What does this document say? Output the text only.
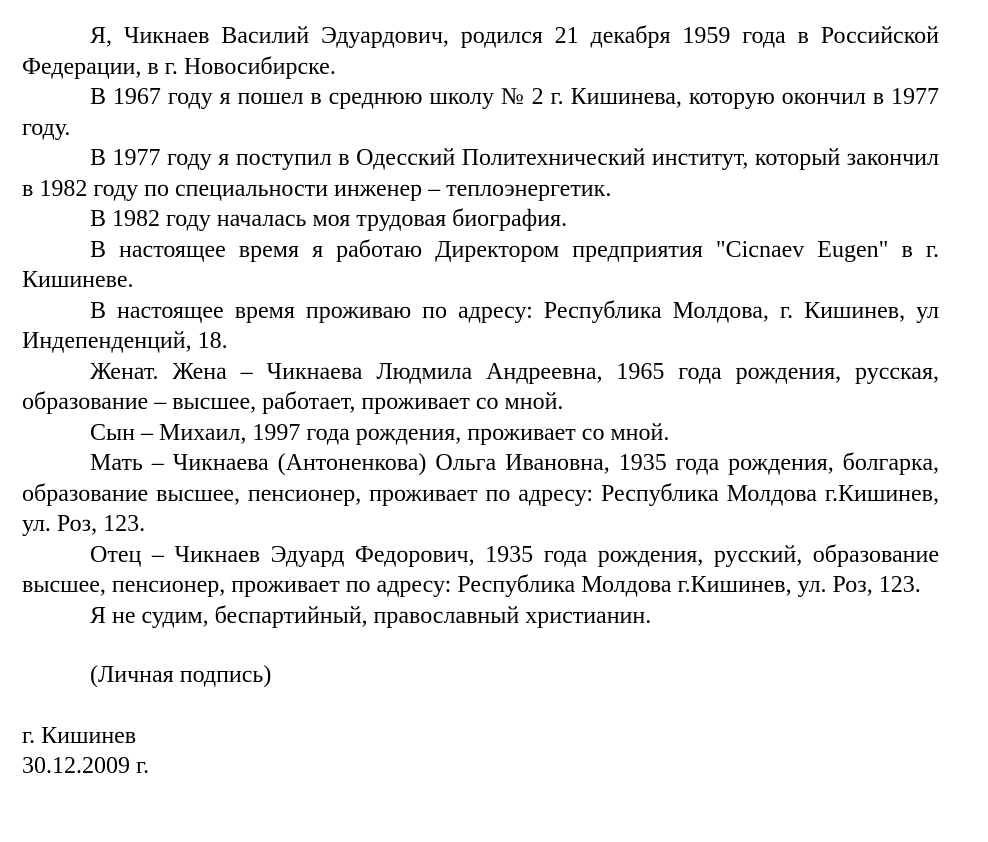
Я, Чикнаев Василий Эдуардович, родился 21 декабря 1959 года в Российской Федерации, в г. Новосибирске.

В 1967 году я пошел в среднюю школу № 2 г. Кишинева, которую окончил в 1977 году.

В 1977 году я поступил в Одесский Политехнический институт, который закончил в 1982 году по специальности инженер – теплоэнергетик.

В 1982 году началась моя трудовая биография.

В настоящее время я работаю Директором предприятия "Cicnaev Eugen" в г. Кишиневе.

В настоящее время проживаю по адресу: Республика Молдова, г. Кишинев, ул Индепенденций, 18.

Женат. Жена – Чикнаева Людмила Андреевна, 1965 года рождения, русская, образование – высшее, работает, проживает со мной.

Сын – Михаил, 1997 года рождения, проживает со мной.

Мать – Чикнаева (Антоненкова) Ольга Ивановна, 1935 года рождения, болгарка, образование высшее, пенсионер, проживает по адресу: Республика Молдова г.Кишинев, ул. Роз, 123.

Отец – Чикнаев Эдуард Федорович, 1935 года рождения, русский, образование высшее, пенсионер, проживает по адресу: Республика Молдова г.Кишинев, ул. Роз, 123.

Я не судим, беспартийный, православный христианин.

(Личная подпись)

г. Кишинев

30.12.2009 г.
